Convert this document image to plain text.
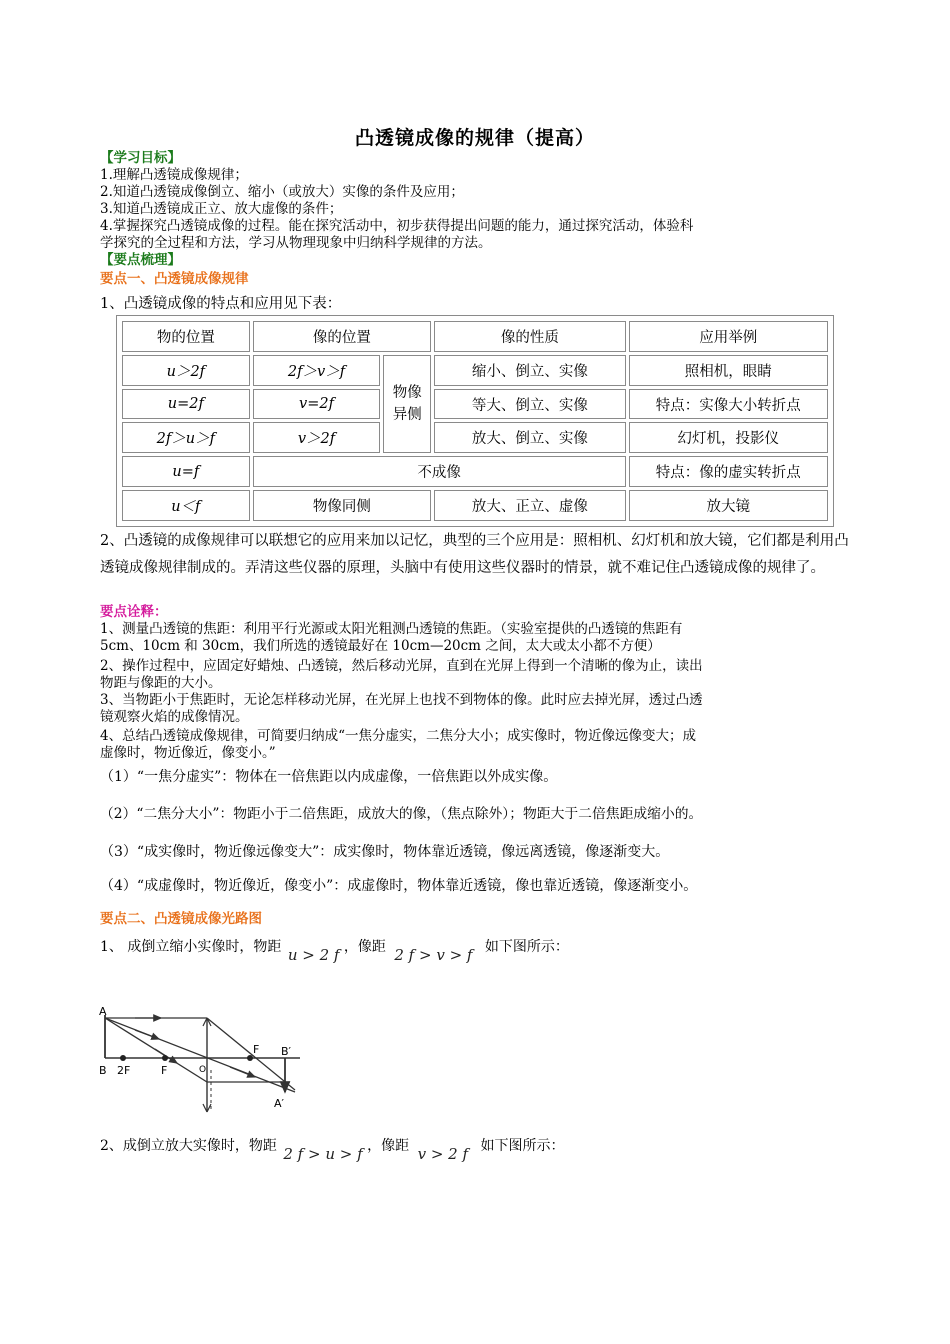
凸透镜成像的规律（提高）
【学习目标】
1.理解凸透镜成像规律；
2.知道凸透镜成像倒立、缩小（或放大）实像的条件及应用；
3.知道凸透镜成正立、放大虚像的条件；
4.掌握探究凸透镜成像的过程。能在探究活动中，初步获得提出问题的能力，通过探究活动，体验科
学探究的全过程和方法，学习从物理现象中归纳科学规律的方法。
【要点梳理】
要点一、凸透镜成像规律
1、凸透镜成像的特点和应用见下表：
物的位置	像的位置		像的性质	应用举例
u＞2f	2f＞v＞f	物像异侧	缩小、倒立、实像	照相机，眼睛
u=2f	v=2f		等大、倒立、实像	特点：实像大小转折点
2f＞u＞f	v＞2f		放大、倒立、实像	幻灯机，投影仪
u=f	不成像			特点：像的虚实转折点
u＜f	物像同侧		放大、正立、虚像	放大镜
2、凸透镜的成像规律可以联想它的应用来加以记忆，典型的三个应用是：照相机、幻灯机和放大镜，它们都是利用凸透镜成像规律制成的。弄清这些仪器的原理，头脑中有使用这些仪器时的情景，就不难记住凸透镜成像的规律了。
要点诠释：
1、测量凸透镜的焦距：利用平行光源或太阳光粗测凸透镜的焦距。（实验室提供的凸透镜的焦距有
5cm、10cm 和 30cm，我们所选的透镜最好在 10cm—20cm 之间，太大或太小都不方便）
2、操作过程中，应固定好蜡烛、凸透镜，然后移动光屏，直到在光屏上得到一个清晰的像为止，读出
物距与像距的大小。
3、当物距小于焦距时，无论怎样移动光屏，在光屏上也找不到物体的像。此时应去掉光屏，透过凸透
镜观察火焰的成像情况。
4、总结凸透镜成像规律，可简要归纳成“一焦分虚实，二焦分大小；成实像时，物近像远像变大；成
虚像时，物近像近，像变小。”
（1）“一焦分虚实”：物体在一倍焦距以内成虚像，一倍焦距以外成实像。
（2）“二焦分大小”：物距小于二倍焦距，成放大的像，（焦点除外）；物距大于二倍焦距成缩小的。
（3）“成实像时，物近像远像变大”：成实像时，物体靠近透镜，像远离透镜，像逐渐变大。
（4）“成虚像时，物近像近，像变小”：成虚像时，物体靠近透镜，像也靠近透镜，像逐渐变小。
要点二、凸透镜成像光路图
1、 成倒立缩小实像时，物距 u > 2 f ，像距 2 f > v > f 如下图所示：
A
B 2F	F
F
O
B′
A′
2、成倒立放大实像时，物距 2 f > u > f ，像距 v > 2 f 如下图所示：
